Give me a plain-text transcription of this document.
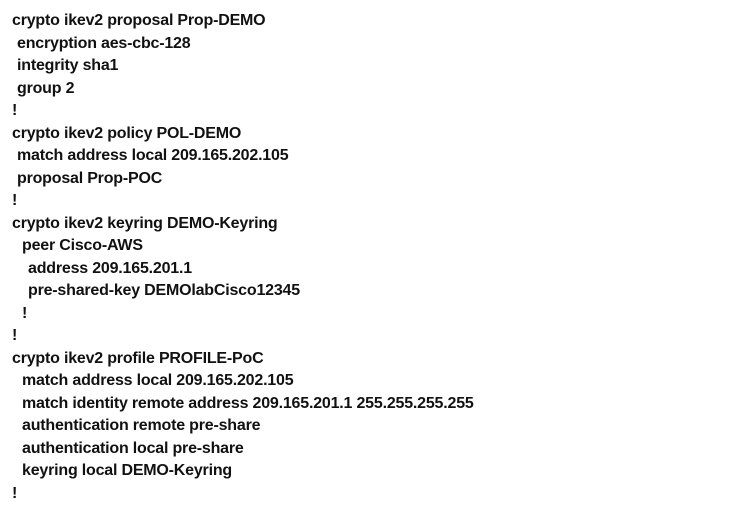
crypto ikev2 proposal Prop-DEMO
encryption aes-cbc-128
integrity sha1
group 2
!
crypto ikev2 policy POL-DEMO
match address local 209.165.202.105
proposal Prop-POC
!
crypto ikev2 keyring DEMO-Keyring
peer Cisco-AWS
address 209.165.201.1
pre-shared-key DEMOlabCisco12345
!
!
crypto ikev2 profile PROFILE-PoC
match address local 209.165.202.105
match identity remote address 209.165.201.1 255.255.255.255
authentication remote pre-share
authentication local pre-share
keyring local DEMO-Keyring
!
